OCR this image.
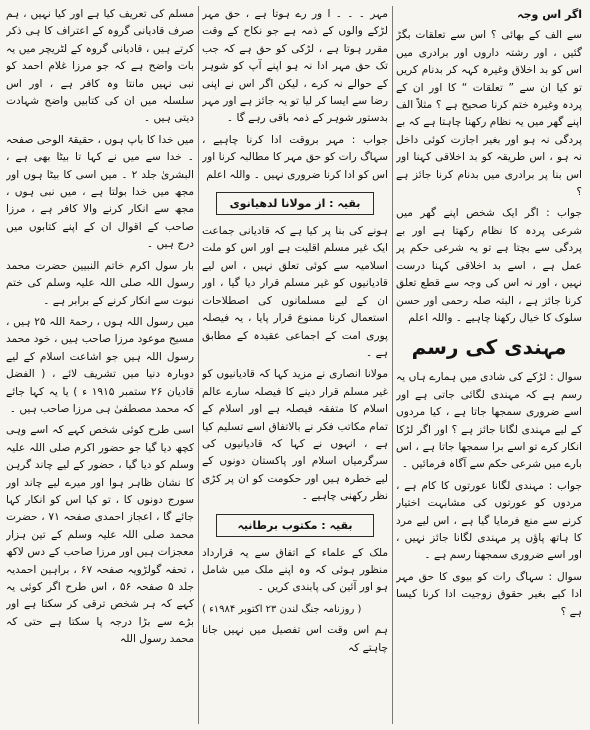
اگر اس وجہ

سے الف کے بھائی ؟ اس سے تعلقات بگڑ گئیں ، اور رشتہ داروں اور برادری میں اس کو بد اخلاق وغیرہ کہہ کر بدنام کریں تو کیا ان سے ” تعلقات “ کا اور ان کے پردہ وغیرہ ختم کرنا صحیح ہے ؟ مثلاً الف اپنے گھر میں یہ نظام رکھنا چاہتا ہے کہ بے پردگی نہ ہو اور بغیر اجازت کوئی داخل نہ ہو ، اس طریقہ کو بد اخلاقی کہنا اور اس بنا پر برادری میں بدنام کرنا جائز ہے ؟

جواب : اگر ایک شخص اپنے گھر میں شرعی پردہ کا نظام رکھتا ہے اور بے پردگی سے بچتا ہے تو یہ شرعی حکم پر عمل ہے ، اسے بد اخلاقی کہنا درست نہیں ، اور نہ اس کی وجہ سے قطع تعلق کرنا جائز ہے ، البتہ صلہ رحمی اور حسن سلوک کا خیال رکھنا چاہیے ۔ واللہ اعلم

مہندی کی رسم

سوال : لڑکے کی شادی میں ہمارے ہاں یہ رسم ہے کہ مہندی لگائی جاتی ہے اور اسے ضروری سمجھا جاتا ہے ، کیا مردوں کے لیے مہندی لگانا جائز ہے ؟ اور اگر لڑکا انکار کرے تو اسے برا سمجھا جاتا ہے ، اس بارے میں شرعی حکم سے آگاہ فرمائیں ۔

جواب : مہندی لگانا عورتوں کا کام ہے ، مردوں کو عورتوں کی مشابہت اختیار کرنے سے منع فرمایا گیا ہے ، اس لیے مرد کا ہاتھ پاؤں پر مہندی لگانا جائز نہیں ، اور اسے ضروری سمجھنا رسم ہے ۔

سوال : سہاگ رات کو بیوی کا حق مہر ادا کیے بغیر حقوق زوجیت ادا کرنا کیسا ہے ؟

مہر ۔ ۔ ۔ ا ور رے ہوتا ہے ، حق مہر لڑکے والوں کے ذمہ ہے جو نکاح کے وقت مقرر ہوتا ہے ، لڑکی کو حق ہے کہ جب تک حق مہر ادا نہ ہو اپنے آپ کو شوہر کے حوالے نہ کرے ، لیکن اگر اس نے اپنی رضا سے ایسا کر لیا تو یہ جائز ہے اور مہر بدستور شوہر کے ذمہ باقی رہے گا ۔

جواب : مہر بروقت ادا کرنا چاہیے ، سہاگ رات کو حق مہر کا مطالبہ کرنا اور اس کو ادا کرنا ضروری نہیں ۔ واللہ اعلم

بقیہ : از مولانا لدھیانوی

ہونے کی بنا پر کیا ہے کہ قادیانی جماعت ایک غیر مسلم اقلیت ہے اور اس کو ملت اسلامیہ سے کوئی تعلق نہیں ، اس لیے قادیانیوں کو غیر مسلم قرار دیا گیا ، اور ان کے لیے مسلمانوں کی اصطلاحات استعمال کرنا ممنوع قرار پایا ، یہ فیصلہ پوری امت کے اجماعی عقیدہ کے مطابق ہے ۔

مولانا انصاری نے مزید کہا کہ قادیانیوں کو غیر مسلم قرار دینے کا فیصلہ سارے عالم اسلام کا متفقہ فیصلہ ہے اور اسلام کے تمام مکاتب فکر نے بالاتفاق اسے تسلیم کیا ہے ، انہوں نے کہا کہ قادیانیوں کی سرگرمیاں اسلام اور پاکستان دونوں کے لیے خطرہ ہیں اور حکومت کو ان پر کڑی نظر رکھنی چاہیے ۔

بقیہ : مکتوب برطانیہ

ملک کے علماء کے اتفاق سے یہ قرارداد منظور ہوئی کہ وہ اپنے ملک میں شامل ہو اور آئین کی پابندی کریں ۔

( روزنامہ جنگ لندن ۲۳ اکتوبر ۱۹۸۴ء )

ہم اس وقت اس تفصیل میں نہیں جانا چاہتے کہ

مسلم کی تعریف کیا ہے اور کیا نہیں ، ہم صرف قادیانی گروہ کے اعتراف کا ہی ذکر کرتے ہیں ، قادیانی گروہ کے لٹریچر میں یہ بات واضح ہے کہ جو مرزا غلام احمد کو نبی نہیں مانتا وہ کافر ہے ، اور اس سلسلہ میں ان کی کتابیں واضح شہادت دیتی ہیں ۔

میں خدا کا باپ ہوں ، حقیقۃ الوحی صفحہ ۔ خدا سے میں نے کہا تا بیٹا بھی ہے ، البشریٰ جلد ۲ ۔ میں اسی کا بیٹا ہوں اور مجھ میں خدا بولتا ہے ، میں نبی ہوں ، مجھ سے انکار کرنے والا کافر ہے ، مرزا صاحب کے اقوال ان کے اپنے کتابوں میں درج ہیں ۔

بار سول اکرم خاتم النبیین حضرت محمد رسول اللہ صلی اللہ علیہ وسلم کی ختم نبوت سے انکار کرنے کے برابر ہے ۔

میں رسول اللہ ہوں ، رحمۃ اللہ ۲۵ ہیں ، مسیح موعود مرزا صاحب ہیں ، خود محمد رسول اللہ ہیں جو اشاعت اسلام کے لیے دوبارہ دنیا میں تشریف لائے ، ( الفضل قادیان ۲۶ ستمبر ۱۹۱۵ ء ) یا یہ کہا جائے کہ محمد مصطفیٰ ہی مرزا صاحب ہیں ۔

اسی طرح کوئی شخص کہے کہ اسے وہی کچھ دیا گیا جو حضور اکرم صلی اللہ علیہ وسلم کو دیا گیا ، حضور کے لیے چاند گرہن کا نشان ظاہر ہوا اور میرے لیے چاند اور سورج دونوں کا ، تو کیا اس کو انکار کہا جائے گا ، اعجاز احمدی صفحہ ۷۱ ، حضرت محمد صلی اللہ علیہ وسلم کے تین ہزار معجزات ہیں اور مرزا صاحب کے دس لاکھ ، تحفہ گولڑویہ صفحہ ۶۷ ، براہین احمدیہ جلد ۵ صفحہ ۵۶ ، اس طرح اگر کوئی یہ کہے کہ ہر شخص ترقی کر سکتا ہے اور بڑے سے بڑا درجہ پا سکتا ہے حتی کہ محمد رسول اللہ
